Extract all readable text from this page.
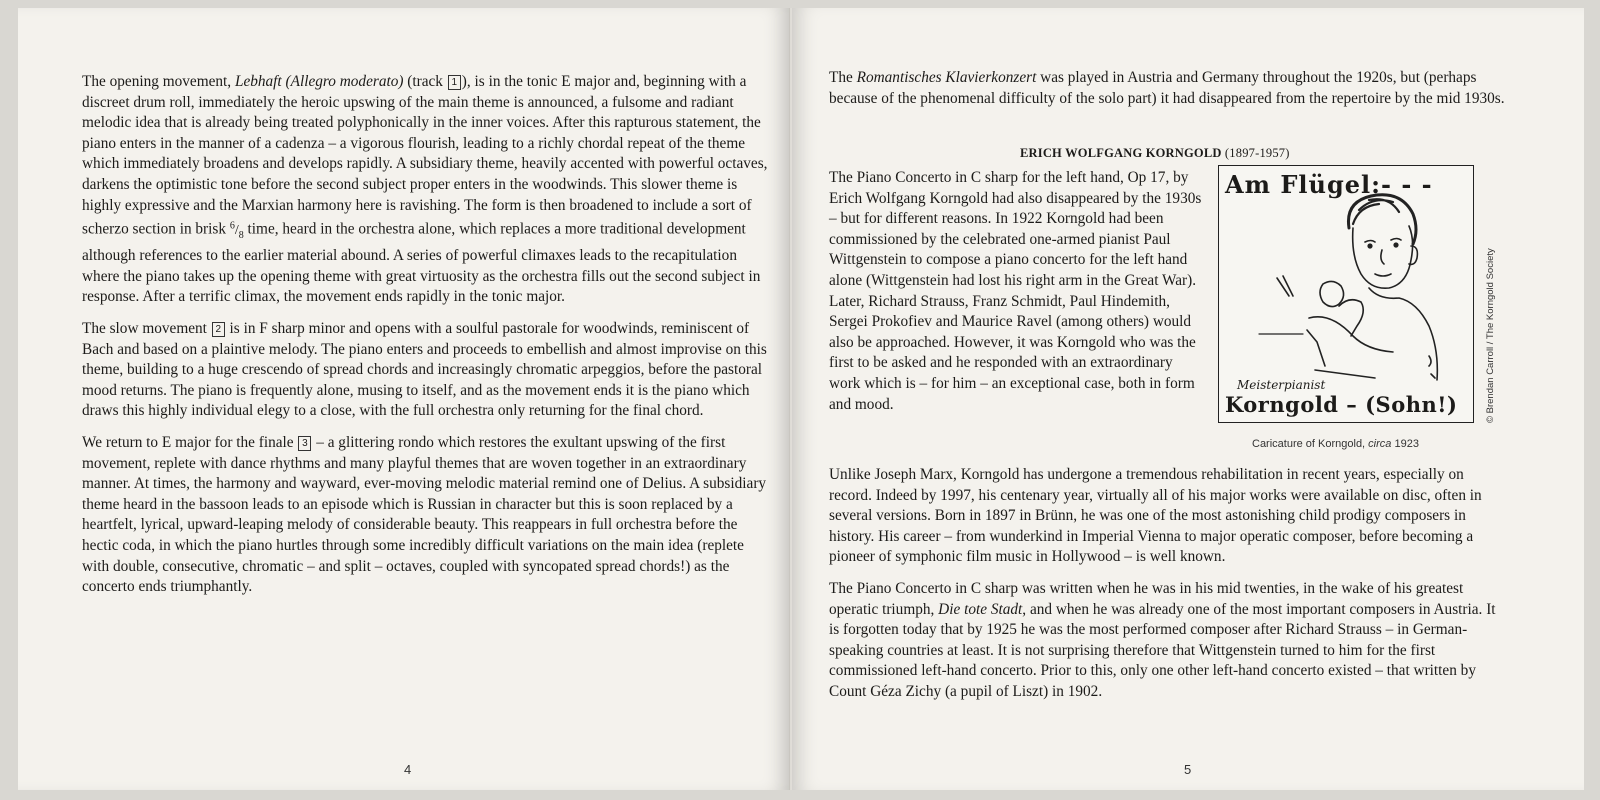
The opening movement, Lebhaft (Allegro moderato) (track 1 ), is in the tonic E major and, beginning with a discreet drum roll, immediately the heroic upswing of the main theme is announced, a fulsome and radiant melodic idea that is already being treated polyphonically in the inner voices. After this rapturous statement, the piano enters in the manner of a cadenza – a vigorous flourish, leading to a richly chordal repeat of the theme which immediately broadens and develops rapidly. A subsidiary theme, heavily accented with powerful octaves, darkens the optimistic tone before the second subject proper enters in the woodwinds. This slower theme is highly expressive and the Marxian harmony here is ravishing. The form is then broadened to include a sort of scherzo section in brisk $^6/_8$ time, heard in the orchestra alone, which replaces a more traditional development although references to the earlier material abound. A series of powerful climaxes leads to the recapitulation where the piano takes up the opening theme with great virtuosity as the orchestra fills out the second subject in response. After a terrific climax, the movement ends rapidly in the tonic major.

The slow movement 2 is in F sharp minor and opens with a soulful pastorale for woodwinds, reminiscent of Bach and based on a plaintive melody. The piano enters and proceeds to embellish and almost improvise on this theme, building to a huge crescendo of spread chords and increasingly chromatic arpeggios, before the pastoral mood returns. The piano is frequently alone, musing to itself, and as the movement ends it is the piano which draws this highly individual elegy to a close, with the full orchestra only returning for the final chord.

We return to E major for the finale 3 – a glittering rondo which restores the exultant upswing of the first movement, replete with dance rhythms and many playful themes that are woven together in an extraordinary manner. At times, the harmony and wayward, ever-moving melodic material remind one of Delius. A subsidiary theme heard in the bassoon leads to an episode which is Russian in character but this is soon replaced by a heartfelt, lyrical, upward-leaping melody of considerable beauty. This reappears in full orchestra before the hectic coda, in which the piano hurtles through some incredibly difficult variations on the main idea (replete with double, consecutive, chromatic – and split – octaves, coupled with syncopated spread chords!) as the concerto ends triumphantly.

4
The Romantisches Klavierkonzert was played in Austria and Germany throughout the 1920s, but (perhaps because of the phenomenal difficulty of the solo part) it had disappeared from the repertoire by the mid 1930s.
ERICH WOLFGANG KORNGOLD (1897-1957)
The Piano Concerto in C sharp for the left hand, Op 17, by Erich Wolfgang Korngold had also disappeared by the 1930s – but for different reasons. In 1922 Korngold had been commissioned by the celebrated one-armed pianist Paul Wittgenstein to compose a piano concerto for the left hand alone (Wittgenstein had lost his right arm in the Great War). Later, Richard Strauss, Franz Schmidt, Paul Hindemith, Sergei Prokofiev and Maurice Ravel (among others) would also be approached. However, it was Korngold who was the first to be asked and he responded with an extraordinary work which is – for him – an exceptional case, both in form and mood.
Am Flügel:- - -
Meisterpianist
Korngold – (Sohn!)
Caricature of Korngold, circa 1923
© Brendan Carroll / The Korngold Society

Unlike Joseph Marx, Korngold has undergone a tremendous rehabilitation in recent years, especially on record. Indeed by 1997, his centenary year, virtually all of his major works were available on disc, often in several versions. Born in 1897 in Brünn, he was one of the most astonishing child prodigy composers in history. His career – from wunderkind in Imperial Vienna to major operatic composer, before becoming a pioneer of symphonic film music in Hollywood – is well known.

The Piano Concerto in C sharp was written when he was in his mid twenties, in the wake of his greatest operatic triumph, Die tote Stadt, and when he was already one of the most important composers in Austria. It is forgotten today that by 1925 he was the most performed composer after Richard Strauss – in German-speaking countries at least. It is not surprising therefore that Wittgenstein turned to him for the first commissioned left-hand concerto. Prior to this, only one other left-hand concerto existed – that written by Count Géza Zichy (a pupil of Liszt) in 1902.

5
